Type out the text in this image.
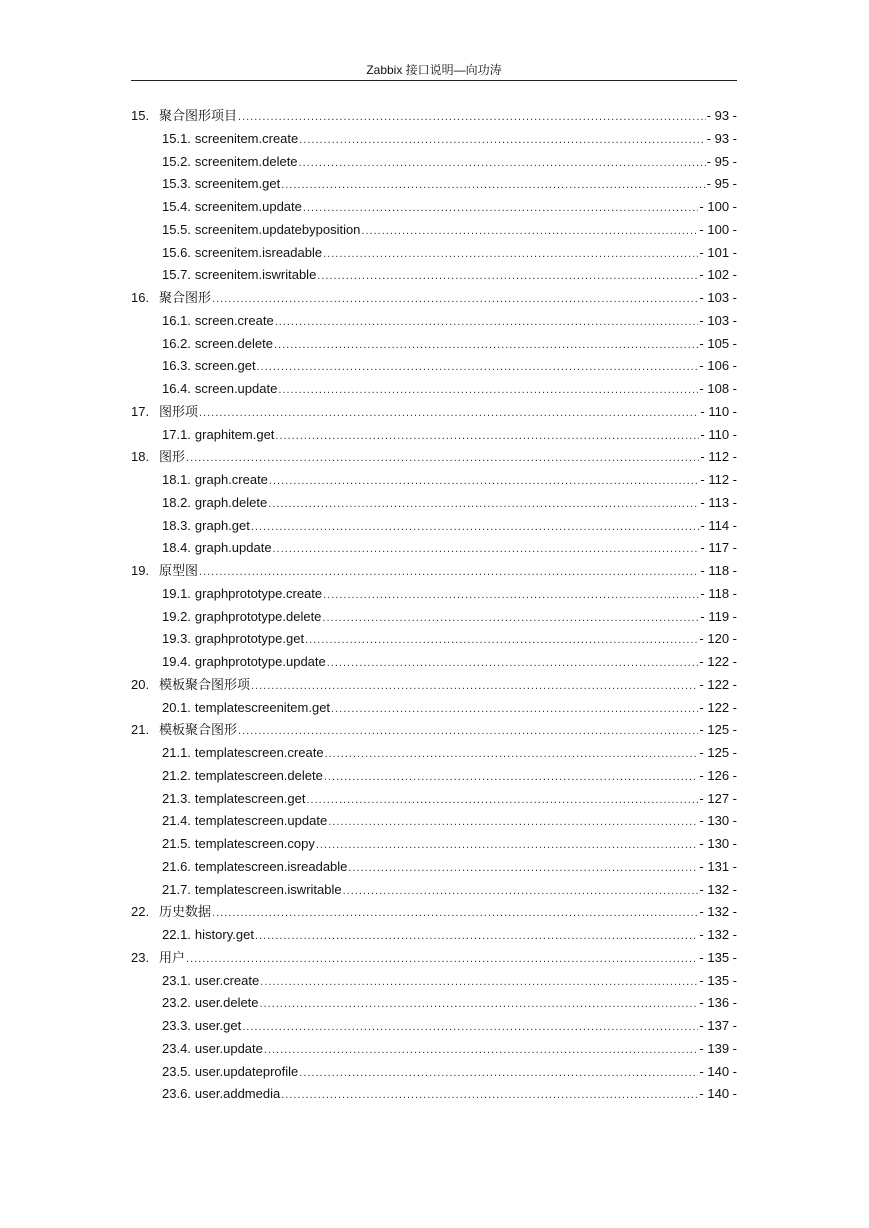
Zabbix 接口说明—向功涛
15. 聚合图形项目 .....	- 93 -
15.1. screenitem.create .....	- 93 -
15.2. screenitem.delete .....	- 95 -
15.3. screenitem.get .....	- 95 -
15.4. screenitem.update .....	- 100 -
15.5. screenitem.updatebyposition .....	- 100 -
15.6. screenitem.isreadable .....	- 101 -
15.7. screenitem.iswritable .....	- 102 -
16. 聚合图形 .....	- 103 -
16.1. screen.create .....	- 103 -
16.2. screen.delete .....	- 105 -
16.3. screen.get .....	- 106 -
16.4. screen.update .....	- 108 -
17. 图形项 .....	- 110 -
17.1. graphitem.get .....	- 110 -
18. 图形 .....	- 112 -
18.1. graph.create .....	- 112 -
18.2. graph.delete .....	- 113 -
18.3. graph.get .....	- 114 -
18.4. graph.update .....	- 117 -
19. 原型图 .....	- 118 -
19.1. graphprototype.create .....	- 118 -
19.2. graphprototype.delete .....	- 119 -
19.3. graphprototype.get .....	- 120 -
19.4. graphprototype.update .....	- 122 -
20. 模板聚合图形项 .....	- 122 -
20.1. templatescreenitem.get .....	- 122 -
21. 模板聚合图形 .....	- 125 -
21.1. templatescreen.create .....	- 125 -
21.2. templatescreen.delete .....	- 126 -
21.3. templatescreen.get .....	- 127 -
21.4. templatescreen.update .....	- 130 -
21.5. templatescreen.copy .....	- 130 -
21.6. templatescreen.isreadable .....	- 131 -
21.7. templatescreen.iswritable .....	- 132 -
22. 历史数据 .....	- 132 -
22.1. history.get .....	- 132 -
23. 用户 .....	- 135 -
23.1. user.create .....	- 135 -
23.2. user.delete .....	- 136 -
23.3. user.get .....	- 137 -
23.4. user.update .....	- 139 -
23.5. user.updateprofile .....	- 140 -
23.6. user.addmedia .....	- 140 -
